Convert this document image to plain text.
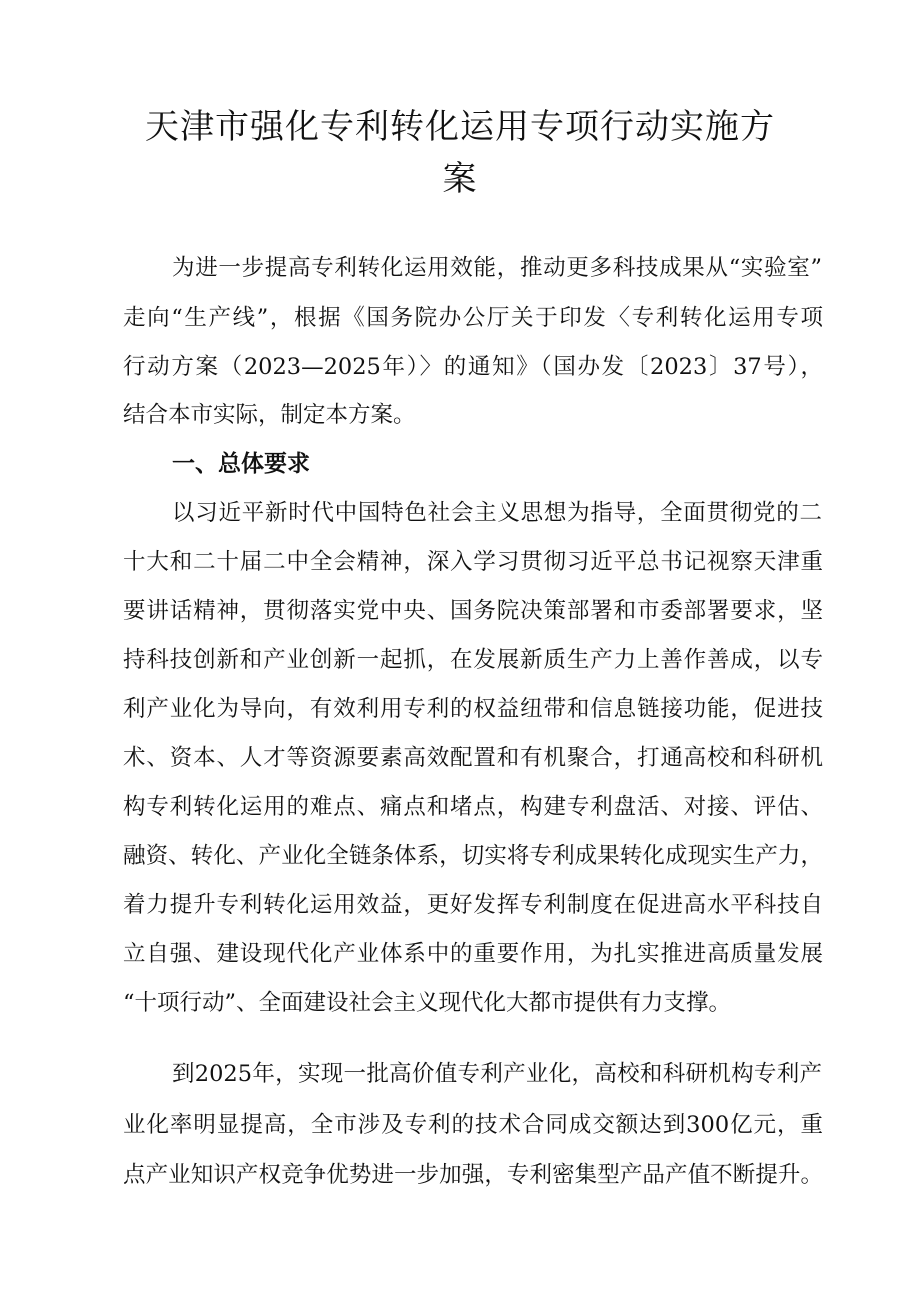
天津市强化专利转化运用专项行动实施方
案
为进一步提高专利转化运用效能，推动更多科技成果从“实验室”
走向“生产线”，根据《国务院办公厅关于印发〈专利转化运用专项
行动方案（2023—2025年）〉的通知》（国办发〔2023〕37号），
结合本市实际，制定本方案。
一、总体要求
以习近平新时代中国特色社会主义思想为指导，全面贯彻党的二
十大和二十届二中全会精神，深入学习贯彻习近平总书记视察天津重
要讲话精神，贯彻落实党中央、国务院决策部署和市委部署要求，坚
持科技创新和产业创新一起抓，在发展新质生产力上善作善成，以专
利产业化为导向，有效利用专利的权益纽带和信息链接功能，促进技
术、资本、人才等资源要素高效配置和有机聚合，打通高校和科研机
构专利转化运用的难点、痛点和堵点，构建专利盘活、对接、评估、
融资、转化、产业化全链条体系，切实将专利成果转化成现实生产力，
着力提升专利转化运用效益，更好发挥专利制度在促进高水平科技自
立自强、建设现代化产业体系中的重要作用，为扎实推进高质量发展
“十项行动”、全面建设社会主义现代化大都市提供有力支撑。
到2025年，实现一批高价值专利产业化，高校和科研机构专利产
业化率明显提高，全市涉及专利的技术合同成交额达到300亿元，重
点产业知识产权竞争优势进一步加强，专利密集型产品产值不断提升。
